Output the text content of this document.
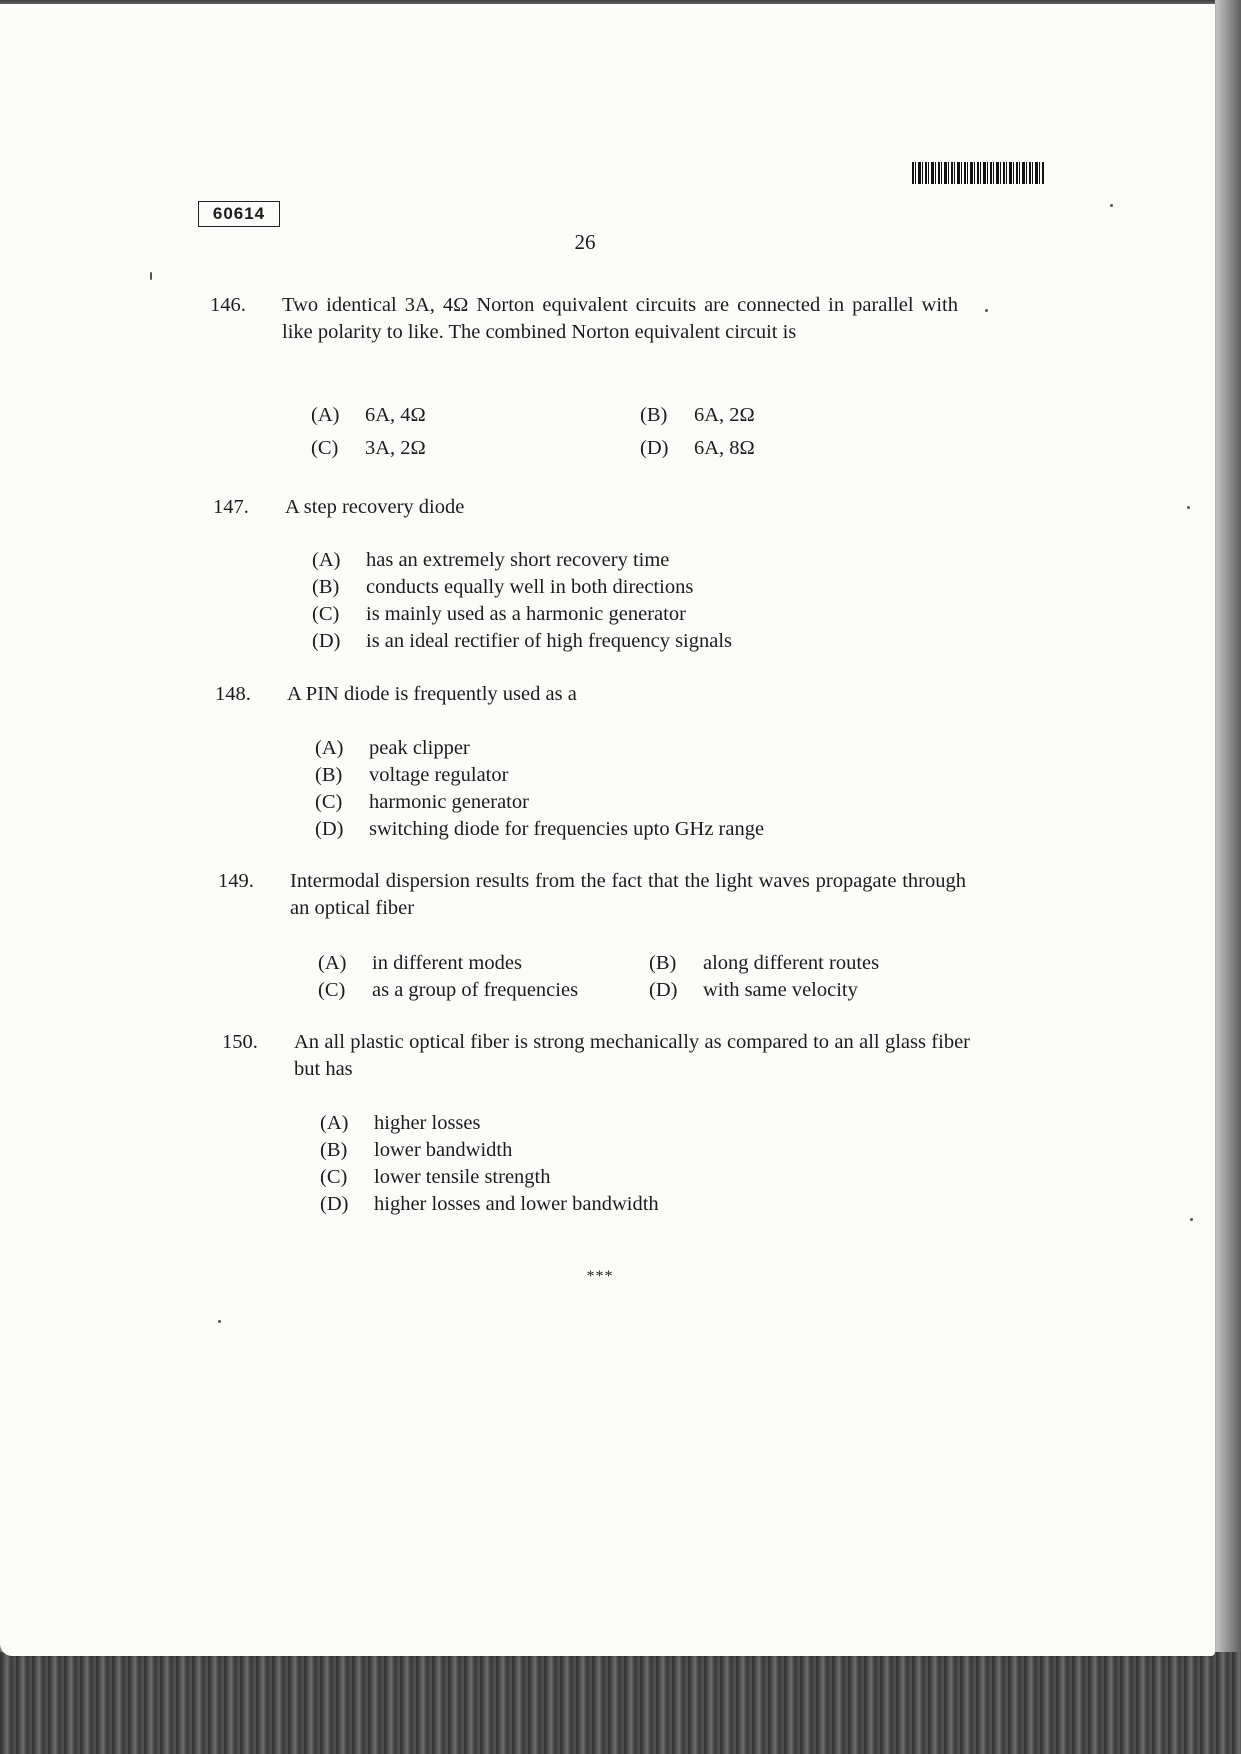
60614
26
146. Two identical 3A, 4Ω Norton equivalent circuits are connected in parallel with like polarity to like. The combined Norton equivalent circuit is
(A) 6A, 4Ω	(B) 6A, 2Ω
(C) 3A, 2Ω	(D) 6A, 8Ω
147. A step recovery diode
(A) has an extremely short recovery time
(B) conducts equally well in both directions
(C) is mainly used as a harmonic generator
(D) is an ideal rectifier of high frequency signals
148. A PIN diode is frequently used as a
(A) peak clipper
(B) voltage regulator
(C) harmonic generator
(D) switching diode for frequencies upto GHz range
149. Intermodal dispersion results from the fact that the light waves propagate through an optical fiber
(A) in different modes	(B) along different routes
(C) as a group of frequencies	(D) with same velocity
150. An all plastic optical fiber is strong mechanically as compared to an all glass fiber but has
(A) higher losses
(B) lower bandwidth
(C) lower tensile strength
(D) higher losses and lower bandwidth
***
